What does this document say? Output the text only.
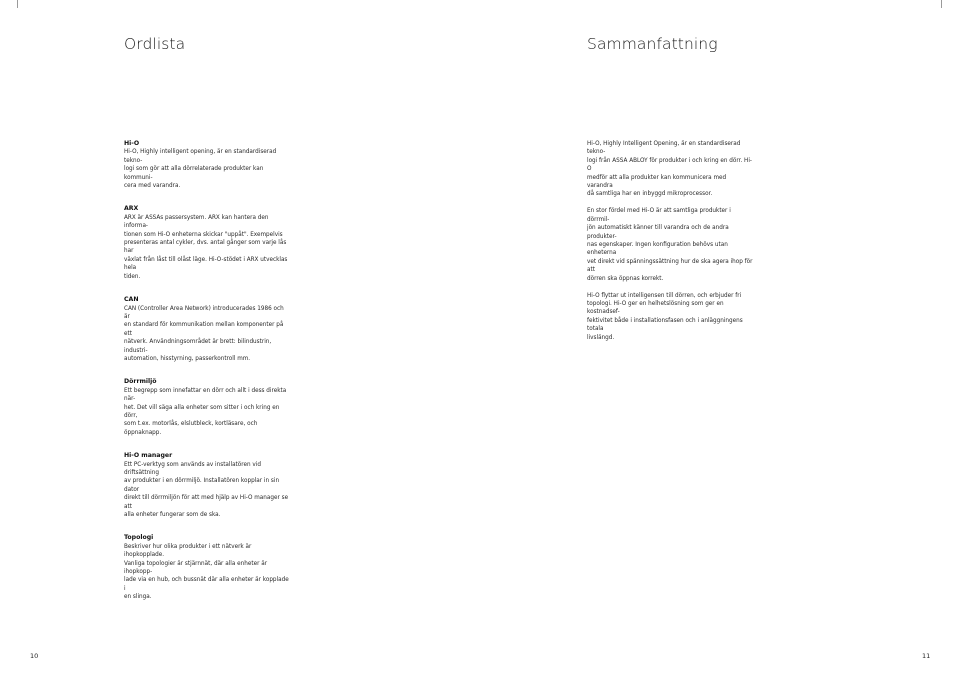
Ordlista	Sammanfattning
Hi-O
Hi-O, Highly intelligent opening, är en standardiserad tekno-
logi som gör att alla dörrelaterade produkter kan kommuni-
cera med varandra.
ARX
ARX är ASSAs passersystem. ARX kan hantera den informa-
tionen som Hi-O enheterna skickar "uppåt". Exempelvis
presenteras antal cykler, dvs. antal gånger som varje lås har
växlat från låst till olåst läge. Hi-O-stödet i ARX utvecklas hela
tiden.
CAN
CAN (Controller Area Network) introducerades 1986 och är
en standard för kommunikation mellan komponenter på ett
nätverk. Användningsområdet är brett: bilindustrin, industri-
automation, hisstyrning, passerkontroll mm.
Dörrmiljö
Ett begrepp som innefattar en dörr och allt i dess direkta när-
het. Det vill säga alla enheter som sitter i och kring en dörr,
som t.ex. motorlås, elslutbleck, kortläsare, och öppnaknapp.
Hi-O manager
Ett PC-verktyg som används av installatören vid driftsättning
av produkter i en dörrmiljö. Installatören kopplar in sin dator
direkt till dörrmiljön för att med hjälp av Hi-O manager se att
alla enheter fungerar som de ska.
Topologi
Beskriver hur olika produkter i ett nätverk är ihopkopplade.
Vanliga topologier är stjärnnät, där alla enheter är ihopkopp-
lade via en hub, och bussnät där alla enheter är kopplade i
en slinga.

Hi-O, Highly Intelligent Opening, är en standardiserad tekno-
logi från ASSA ABLOY för produkter i och kring en dörr. Hi-O
medför att alla produkter kan kommunicera med varandra
då samtliga har en inbyggd mikroprocessor.

En stor fördel med Hi-O är att samtliga produkter i dörrmil-
jön automatiskt känner till varandra och de andra produkter-
nas egenskaper. Ingen konfiguration behövs utan enheterna
vet direkt vid spänningssättning hur de ska agera ihop för att
dörren ska öppnas korrekt.

Hi-O flyttar ut intelligensen till dörren, och erbjuder fri
topologi. Hi-O ger en helhetslösning som ger en kostnadsef-
fektivitet både i installationsfasen och i anläggningens totala
livslängd.

10	11
